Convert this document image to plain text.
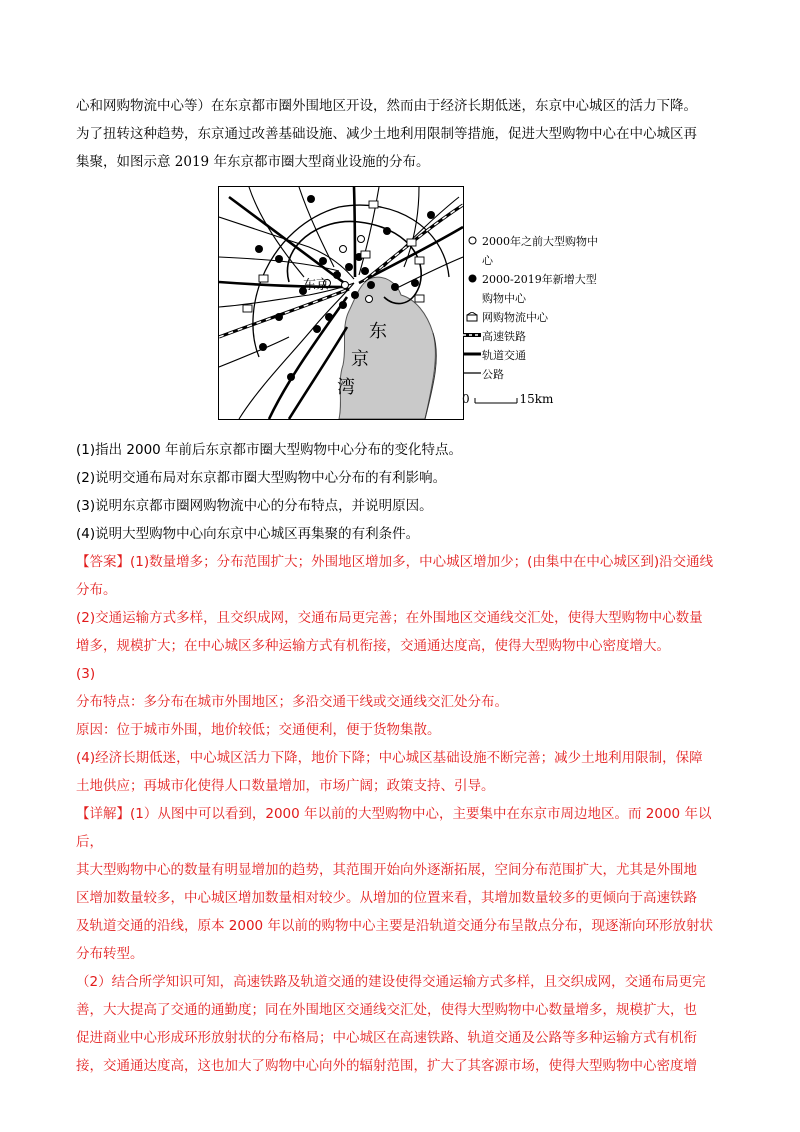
心和网购物流中心等）在东京都市圈外围地区开设，然而由于经济长期低迷，东京中心城区的活力下降。
为了扭转这种趋势，东京通过改善基础设施、减少土地利用限制等措施，促进大型购物中心在中心城区再
集聚，如图示意 2019 年东京都市圈大型商业设施的分布。
东京
东
京
湾
2000年之前大型购物中心
2000-2019年新增大型购物中心
网购物流中心
高速铁路
轨道交通
公路
0	15km
(1)指出 2000 年前后东京都市圈大型购物中心分布的变化特点。
(2)说明交通布局对东京都市圈大型购物中心分布的有利影响。
(3)说明东京都市圈网购物流中心的分布特点，并说明原因。
(4)说明大型购物中心向东京中心城区再集聚的有利条件。
【答案】(1)数量增多；分布范围扩大；外围地区增加多，中心城区增加少；(由集中在中心城区到)沿交通线
分布。
(2)交通运输方式多样，且交织成网，交通布局更完善；在外围地区交通线交汇处，使得大型购物中心数量
增多，规模扩大；在中心城区多种运输方式有机衔接，交通通达度高，使得大型购物中心密度增大。
(3)
分布特点：多分布在城市外围地区；多沿交通干线或交通线交汇处分布。
原因：位于城市外围，地价较低；交通便利，便于货物集散。
(4)经济长期低迷，中心城区活力下降，地价下降；中心城区基础设施不断完善；减少土地利用限制，保障
土地供应；再城市化使得人口数量增加，市场广阔；政策支持、引导。
【详解】(1）从图中可以看到，2000 年以前的大型购物中心，主要集中在东京市周边地区。而 2000 年以后，
其大型购物中心的数量有明显增加的趋势，其范围开始向外逐渐拓展，空间分布范围扩大，尤其是外围地
区增加数量较多，中心城区增加数量相对较少。从增加的位置来看，其增加数量较多的更倾向于高速铁路
及轨道交通的沿线，原本 2000 年以前的购物中心主要是沿轨道交通分布呈散点分布，现逐渐向环形放射状
分布转型。
（2）结合所学知识可知，高速铁路及轨道交通的建设使得交通运输方式多样，且交织成网，交通布局更完
善，大大提高了交通的通勤度；同在外围地区交通线交汇处，使得大型购物中心数量增多，规模扩大，也
促进商业中心形成环形放射状的分布格局；中心城区在高速铁路、轨道交通及公路等多种运输方式有机衔
接，交通通达度高，这也加大了购物中心向外的辐射范围，扩大了其客源市场，使得大型购物中心密度增
